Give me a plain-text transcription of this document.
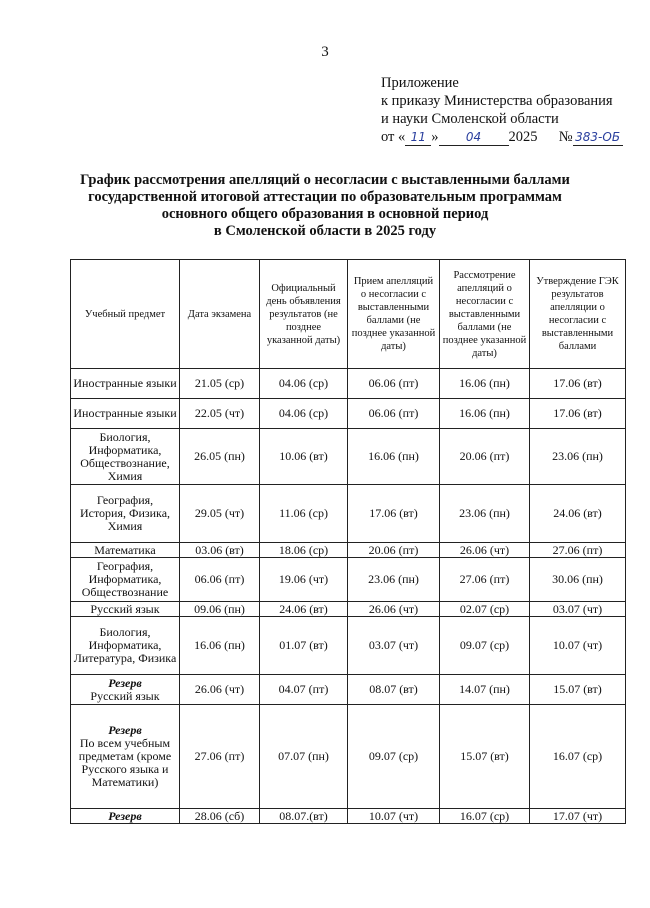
3
Приложение
к приказу Министерства образования
и науки Смоленской области
от « 11 » 04 2025 № 383-ОБ
График рассмотрения апелляций о несогласии с выставленными баллами
государственной итоговой аттестации по образовательным программам
основного общего образования в основной период
в Смоленской области в 2025 году
Учебный предмет	Дата экзамена	Официальный день объявления результатов (не позднее указанной даты)	Прием апелляций о несогласии с выставленными баллами (не позднее указанной даты)	Рассмотрение апелляций о несогласии с выставленными баллами (не позднее указанной даты)	Утверждение ГЭК результатов апелляции о несогласии с выставленными баллами
Иностранные языки	21.05 (ср)	04.06 (ср)	06.06 (пт)	16.06 (пн)	17.06 (вт)
Иностранные языки	22.05 (чт)	04.06 (ср)	06.06 (пт)	16.06 (пн)	17.06 (вт)
Биология, Информатика, Обществознание, Химия	26.05 (пн)	10.06 (вт)	16.06 (пн)	20.06 (пт)	23.06 (пн)
География, История, Физика, Химия	29.05 (чт)	11.06 (ср)	17.06 (вт)	23.06 (пн)	24.06 (вт)
Математика	03.06 (вт)	18.06 (ср)	20.06 (пт)	26.06 (чт)	27.06 (пт)
География, Информатика, Обществознание	06.06 (пт)	19.06 (чт)	23.06 (пн)	27.06 (пт)	30.06 (пн)
Русский язык	09.06 (пн)	24.06 (вт)	26.06 (чт)	02.07 (ср)	03.07 (чт)
Биология, Информатика, Литература, Физика	16.06 (пн)	01.07 (вт)	03.07 (чт)	09.07 (ср)	10.07 (чт)

Резерв
Русский язык	26.06 (чт)	04.07 (пт)	08.07 (вт)	14.07 (пн)	15.07 (вт)

Резерв
По всем учебным предметам (кроме Русского языка и Математики)	27.06 (пт)	07.07 (пн)	09.07 (ср)	15.07 (вт)	16.07 (ср)

Резерв	28.06 (сб)	08.07.(вт)	10.07 (чт)	16.07 (ср)	17.07 (чт)
